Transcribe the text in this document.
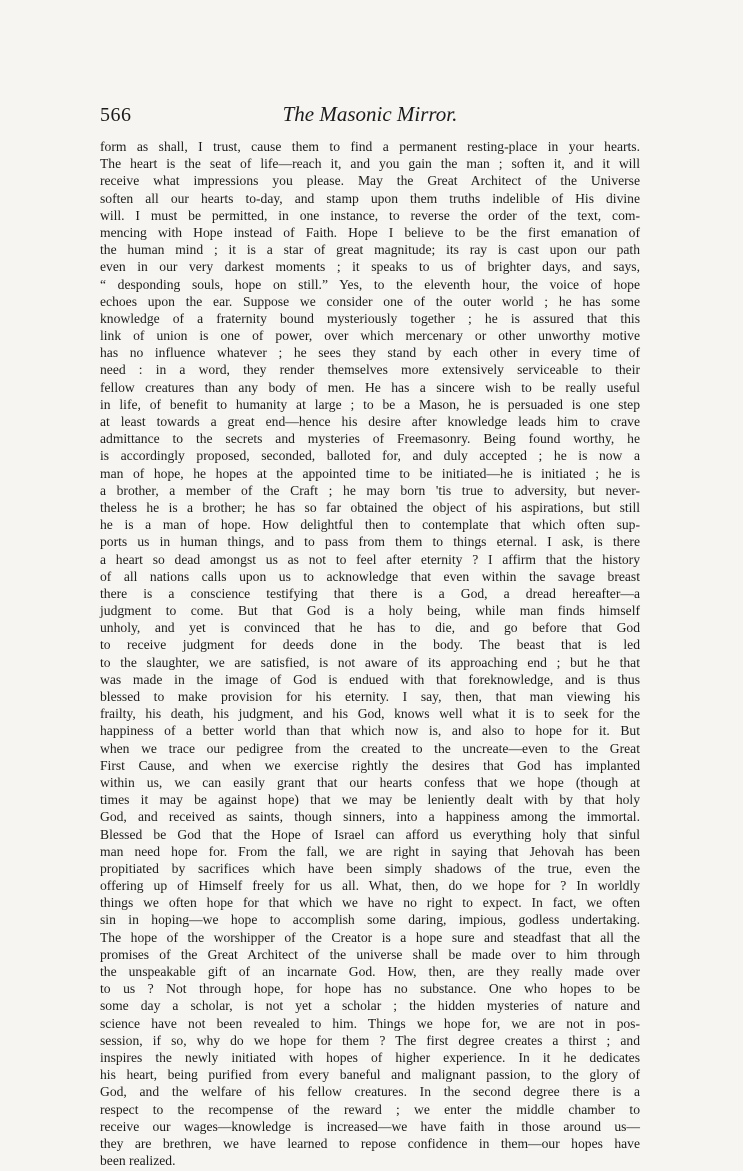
566	The Masonic Mirror.
form as shall, I trust, cause them to find a permanent resting-place in your hearts.
The heart is the seat of life—reach it, and you gain the man ; soften it, and it will
receive what impressions you please. May the Great Architect of the Universe
soften all our hearts to-day, and stamp upon them truths indelible of His divine
will. I must be permitted, in one instance, to reverse the order of the text, com-
mencing with Hope instead of Faith. Hope I believe to be the first emanation of
the human mind ; it is a star of great magnitude; its ray is cast upon our path
even in our very darkest moments ; it speaks to us of brighter days, and says,
“ desponding souls, hope on still.” Yes, to the eleventh hour, the voice of hope
echoes upon the ear. Suppose we consider one of the outer world ; he has some
knowledge of a fraternity bound mysteriously together ; he is assured that this
link of union is one of power, over which mercenary or other unworthy motive
has no influence whatever ; he sees they stand by each other in every time of
need : in a word, they render themselves more extensively serviceable to their
fellow creatures than any body of men. He has a sincere wish to be really useful
in life, of benefit to humanity at large ; to be a Mason, he is persuaded is one step
at least towards a great end—hence his desire after knowledge leads him to crave
admittance to the secrets and mysteries of Freemasonry. Being found worthy, he
is accordingly proposed, seconded, balloted for, and duly accepted ; he is now a
man of hope, he hopes at the appointed time to be initiated—he is initiated ; he is
a brother, a member of the Craft ; he may born 'tis true to adversity, but never-
theless he is a brother; he has so far obtained the object of his aspirations, but still
he is a man of hope. How delightful then to contemplate that which often sup-
ports us in human things, and to pass from them to things eternal. I ask, is there
a heart so dead amongst us as not to feel after eternity ? I affirm that the history
of all nations calls upon us to acknowledge that even within the savage breast
there is a conscience testifying that there is a God, a dread hereafter—a
judgment to come. But that God is a holy being, while man finds himself
unholy, and yet is convinced that he has to die, and go before that God
to receive judgment for deeds done in the body. The beast that is led
to the slaughter, we are satisfied, is not aware of its approaching end ; but he that
was made in the image of God is endued with that foreknowledge, and is thus
blessed to make provision for his eternity. I say, then, that man viewing his
frailty, his death, his judgment, and his God, knows well what it is to seek for the
happiness of a better world than that which now is, and also to hope for it. But
when we trace our pedigree from the created to the uncreate—even to the Great
First Cause, and when we exercise rightly the desires that God has implanted
within us, we can easily grant that our hearts confess that we hope (though at
times it may be against hope) that we may be leniently dealt with by that holy
God, and received as saints, though sinners, into a happiness among the immortal.
Blessed be God that the Hope of Israel can afford us everything holy that sinful
man need hope for. From the fall, we are right in saying that Jehovah has been
propitiated by sacrifices which have been simply shadows of the true, even the
offering up of Himself freely for us all. What, then, do we hope for ? In worldly
things we often hope for that which we have no right to expect. In fact, we often
sin in hoping—we hope to accomplish some daring, impious, godless undertaking.
The hope of the worshipper of the Creator is a hope sure and steadfast that all the
promises of the Great Architect of the universe shall be made over to him through
the unspeakable gift of an incarnate God. How, then, are they really made over
to us ? Not through hope, for hope has no substance. One who hopes to be
some day a scholar, is not yet a scholar ; the hidden mysteries of nature and
science have not been revealed to him. Things we hope for, we are not in pos-
session, if so, why do we hope for them ? The first degree creates a thirst ; and
inspires the newly initiated with hopes of higher experience. In it he dedicates
his heart, being purified from every baneful and malignant passion, to the glory of
God, and the welfare of his fellow creatures. In the second degree there is a
respect to the recompense of the reward ; we enter the middle chamber to
receive our wages—knowledge is increased—we have faith in those around us—
they are brethren, we have learned to repose confidence in them—our hopes have
been realized.
